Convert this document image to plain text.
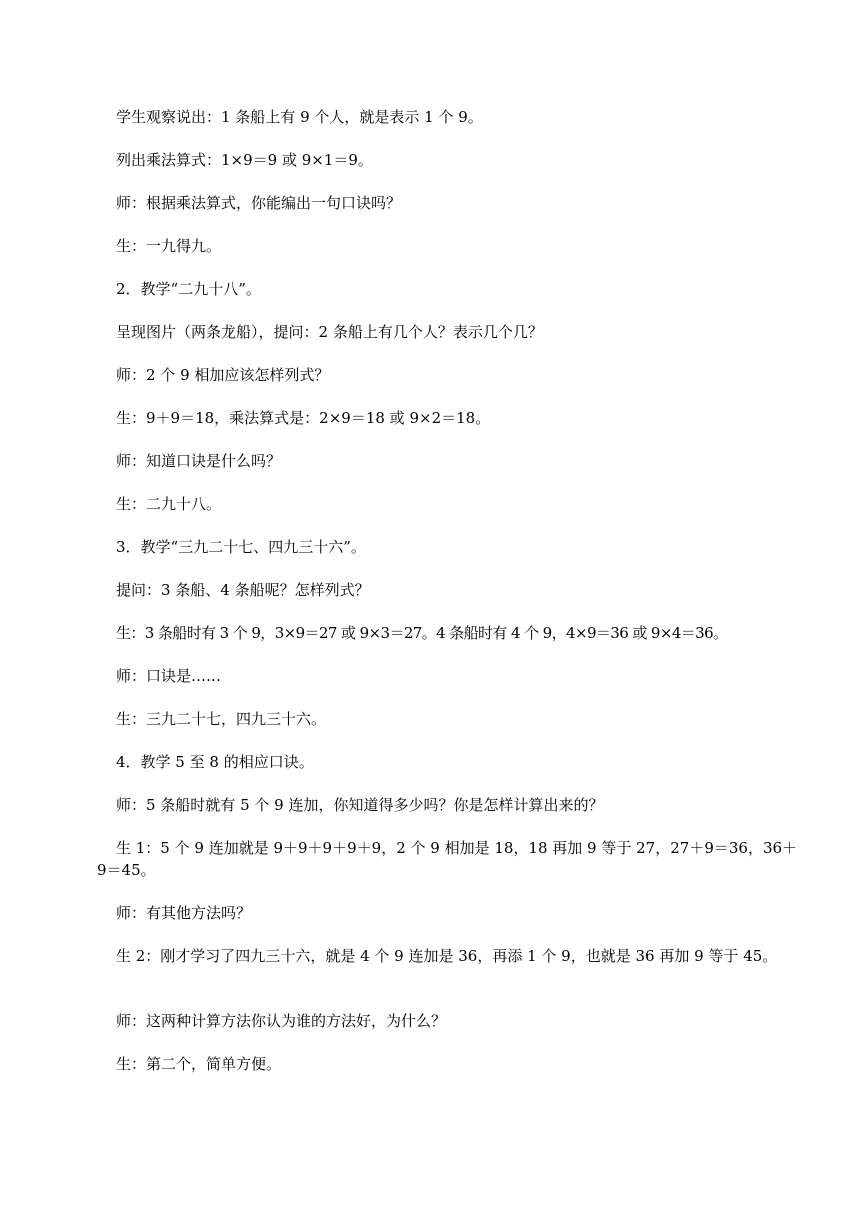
学生观察说出：1 条船上有 9 个人，就是表示 1 个 9。

列出乘法算式：1×9＝9 或 9×1＝9。

师：根据乘法算式，你能编出一句口诀吗？

生：一九得九。

2．教学“二九十八”。

呈现图片（两条龙船），提问：2 条船上有几个人？表示几个几？

师：2 个 9 相加应该怎样列式？

生：9＋9＝18，乘法算式是：2×9＝18 或 9×2＝18。

师：知道口诀是什么吗？

生：二九十八。

3．教学“三九二十七、四九三十六”。

提问：3 条船、4 条船呢？怎样列式？

生：3 条船时有 3 个 9，3×9＝27 或 9×3＝27。4 条船时有 4 个 9，4×9＝36 或 9×4＝36。

师：口诀是……

生：三九二十七，四九三十六。

4．教学 5 至 8 的相应口诀。

师：5 条船时就有 5 个 9 连加，你知道得多少吗？你是怎样计算出来的？

生 1：5 个 9 连加就是 9＋9＋9＋9＋9，2 个 9 相加是 18，18 再加 9 等于 27，27＋9＝36，36＋9＝45。

师：有其他方法吗？

生 2：刚才学习了四九三十六，就是 4 个 9 连加是 36，再添 1 个 9，也就是 36 再加 9 等于 45。

师：这两种计算方法你认为谁的方法好，为什么？

生：第二个，简单方便。
